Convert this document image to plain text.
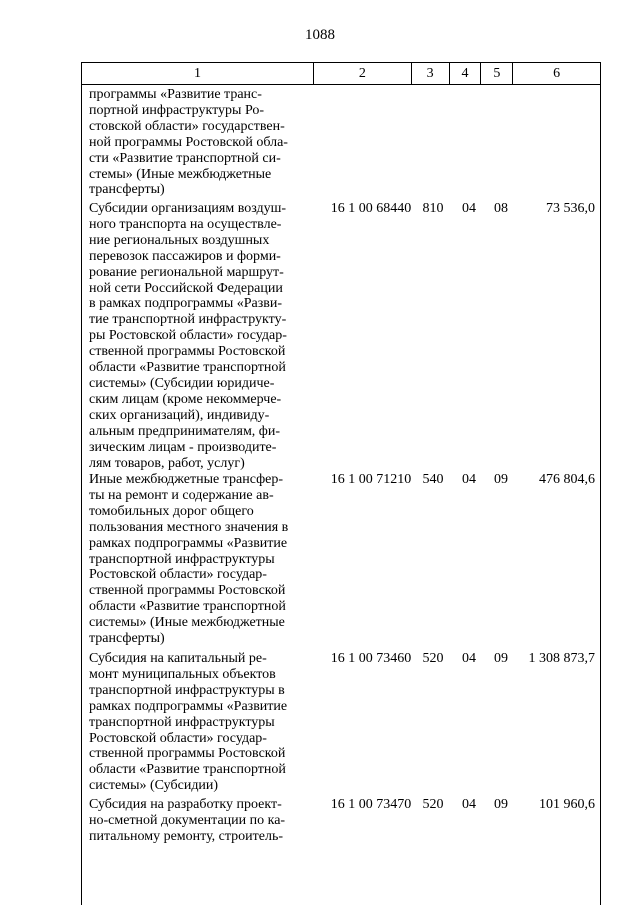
1088
1	2	3	4	5	6
программы «Развитие транс-
портной инфраструктуры Ро-
стовской области» государствен-
ной программы Ростовской обла-
сти «Развитие транспортной си-
стемы» (Иные межбюджетные
трансферты)
Субсидии организациям воздуш-
ного транспорта на осуществле-
ние региональных воздушных
перевозок пассажиров и форми-
рование региональной маршрут-
ной сети Российской Федерации
в рамках подпрограммы «Разви-
тие транспортной инфраструкту-
ры Ростовской области» государ-
ственной программы Ростовской
области «Развитие транспортной
системы» (Субсидии юридиче-
ским лицам (кроме некоммерче-
ских организаций), индивиду-
альным предпринимателям, фи-
зическим лицам - производите-
лям товаров, работ, услуг)
16 1 00 68440 810	04	08	73 536,0
Иные межбюджетные трансфер-
ты на ремонт и содержание ав-
томобильных дорог общего
пользования местного значения в
рамках подпрограммы «Развитие
транспортной инфраструктуры
Ростовской области» государ-
ственной программы Ростовской
области «Развитие транспортной
системы» (Иные межбюджетные
трансферты)
16 1 00 71210 540	04	09	476 804,6
Субсидия на капитальный ре-
монт муниципальных объектов
транспортной инфраструктуры в
рамках подпрограммы «Развитие
транспортной инфраструктуры
Ростовской области» государ-
ственной программы Ростовской
области «Развитие транспортной
системы» (Субсидии)
16 1 00 73460 520	04	09	1 308 873,7
Субсидия на разработку проект-
но-сметной документации по ка-
питальному ремонту, строитель-
16 1 00 73470 520	04	09	101 960,6
